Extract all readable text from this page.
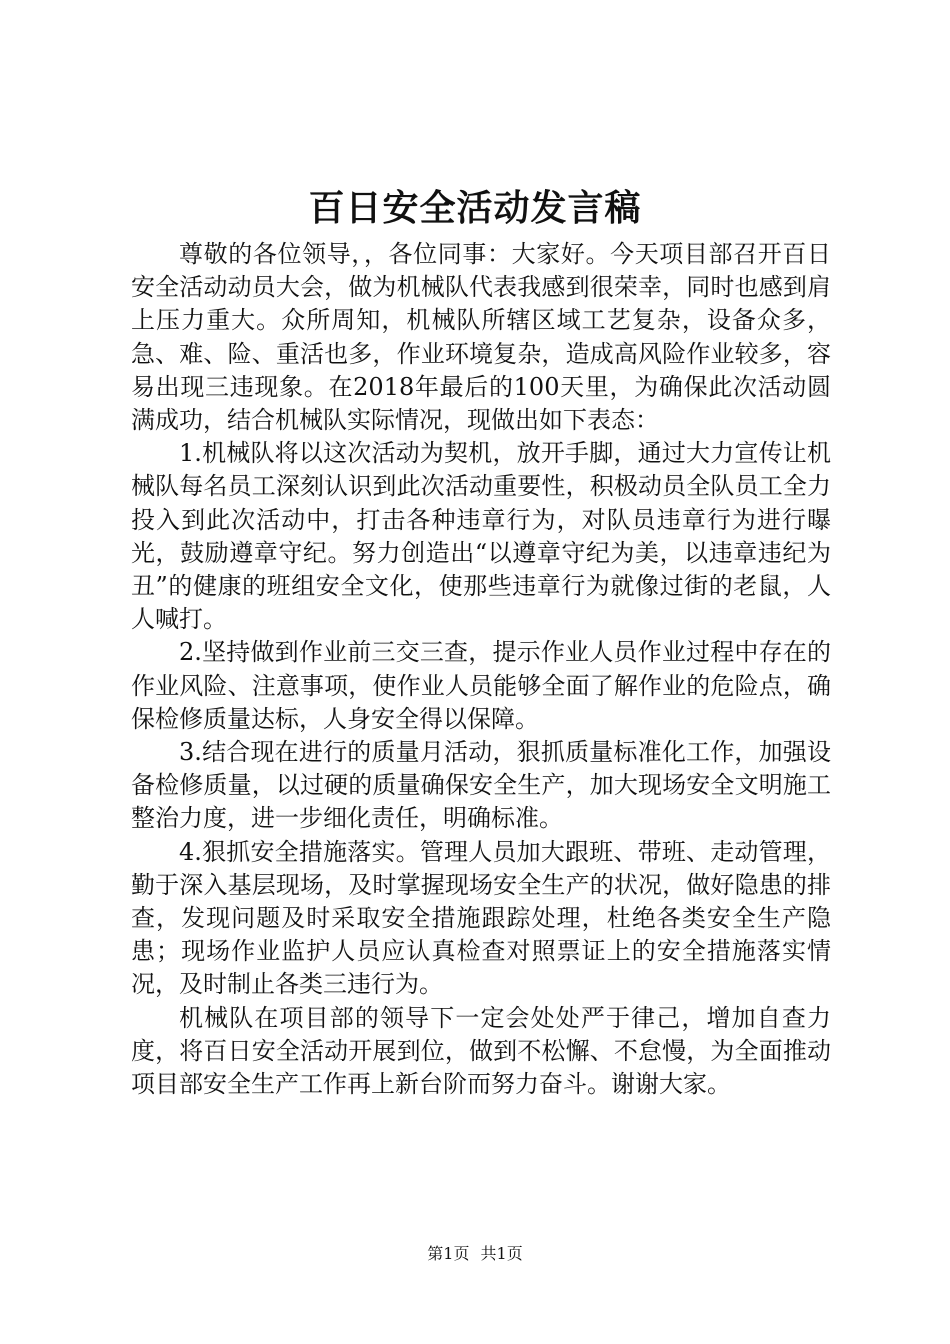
百日安全活动发言稿

尊敬的各位领导，，各位同事：大家好。今天项目部召开百日安全活动动员大会，做为机械队代表我感到很荣幸，同时也感到肩上压力重大。众所周知，机械队所辖区域工艺复杂，设备众多，急、难、险、重活也多，作业环境复杂，造成高风险作业较多，容易出现三违现象。在2018年最后的100天里，为确保此次活动圆满成功，结合机械队实际情况，现做出如下表态：

1.机械队将以这次活动为契机，放开手脚，通过大力宣传让机械队每名员工深刻认识到此次活动重要性，积极动员全队员工全力投入到此次活动中，打击各种违章行为，对队员违章行为进行曝光，鼓励遵章守纪。努力创造出“以遵章守纪为美，以违章违纪为丑”的健康的班组安全文化，使那些违章行为就像过街的老鼠，人人喊打。

2.坚持做到作业前三交三查，提示作业人员作业过程中存在的作业风险、注意事项，使作业人员能够全面了解作业的危险点，确保检修质量达标，人身安全得以保障。

3.结合现在进行的质量月活动，狠抓质量标准化工作，加强设备检修质量，以过硬的质量确保安全生产，加大现场安全文明施工整治力度，进一步细化责任，明确标准。

4.狠抓安全措施落实。管理人员加大跟班、带班、走动管理，勤于深入基层现场，及时掌握现场安全生产的状况，做好隐患的排查，发现问题及时采取安全措施跟踪处理，杜绝各类安全生产隐患；现场作业监护人员应认真检查对照票证上的安全措施落实情况，及时制止各类三违行为。

机械队在项目部的领导下一定会处处严于律己，增加自查力度，将百日安全活动开展到位，做到不松懈、不怠慢，为全面推动项目部安全生产工作再上新台阶而努力奋斗。谢谢大家。

第1页 共1页
